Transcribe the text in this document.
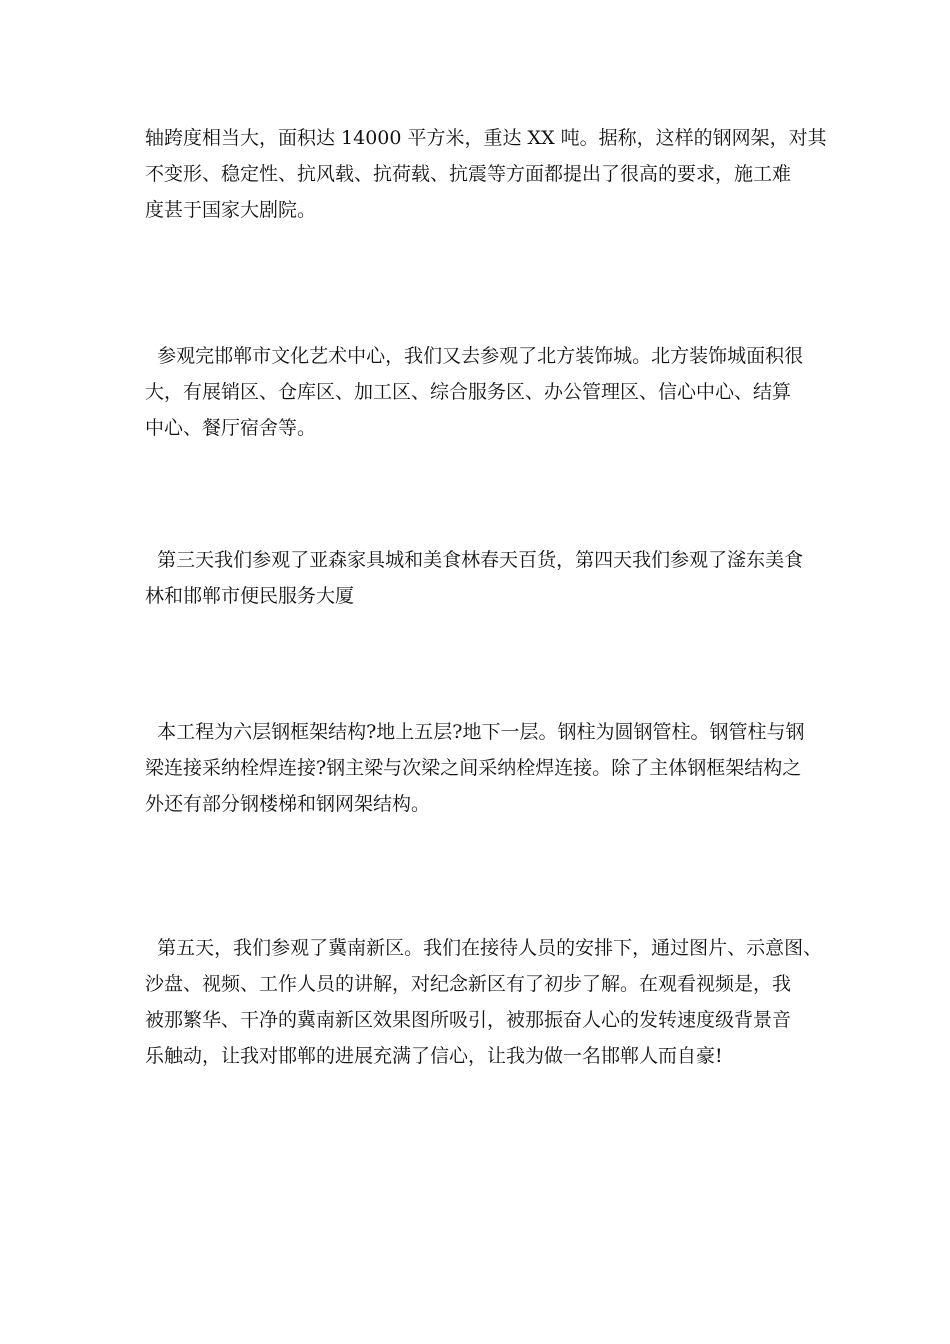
轴跨度相当大，面积达 14000 平方米，重达 XX 吨。据称，这样的钢网架，对其
不变形、稳定性、抗风载、抗荷载、抗震等方面都提出了很高的要求，施工难
度甚于国家大剧院。

参观完邯郸市文化艺术中心，我们又去参观了北方装饰城。北方装饰城面积很
大，有展销区、仓库区、加工区、综合服务区、办公管理区、信心中心、结算
中心、餐厅宿舍等。

第三天我们参观了亚森家具城和美食林春天百货，第四天我们参观了滏东美食
林和邯郸市便民服务大厦

本工程为六层钢框架结构?地上五层?地下一层。钢柱为圆钢管柱。钢管柱与钢
梁连接采纳栓焊连接?钢主梁与次梁之间采纳栓焊连接。除了主体钢框架结构之
外还有部分钢楼梯和钢网架结构。

第五天，我们参观了冀南新区。我们在接待人员的安排下，通过图片、示意图、
沙盘、视频、工作人员的讲解，对纪念新区有了初步了解。在观看视频是，我
被那繁华、干净的冀南新区效果图所吸引，被那振奋人心的发转速度级背景音
乐触动，让我对邯郸的进展充满了信心，让我为做一名邯郸人而自豪!
